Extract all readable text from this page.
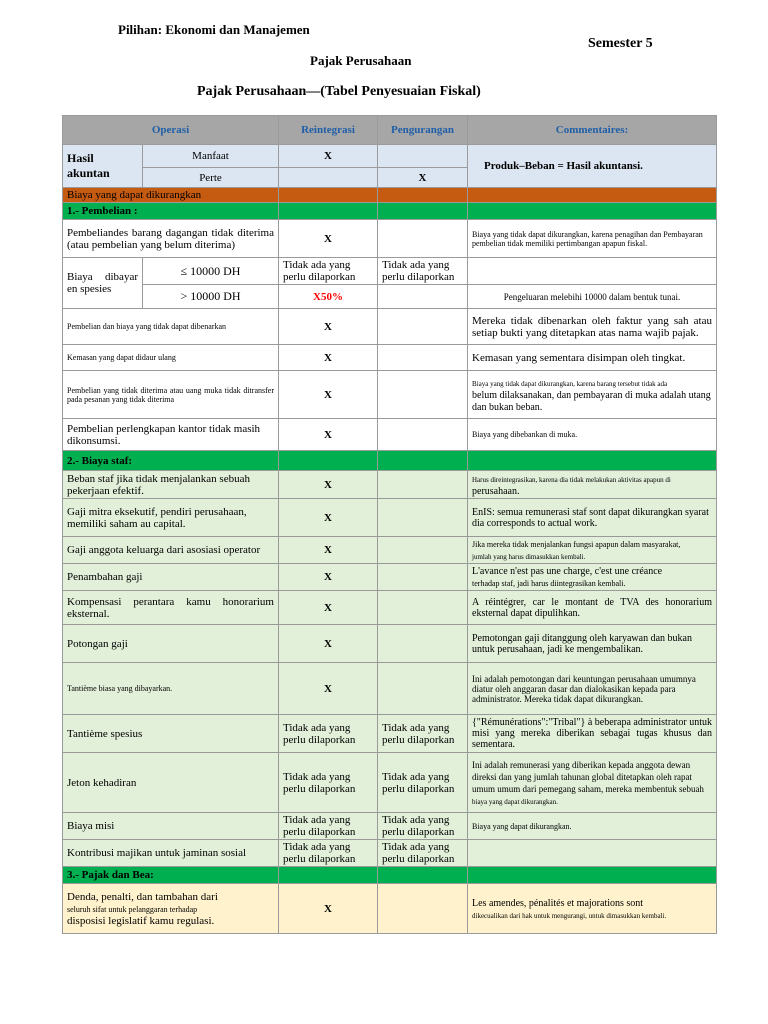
Pilihan: Ekonomi dan Manajemen
Semester 5
Pajak Perusahaan
Pajak Perusahaan—(Tabel Penyesuaian Fiskal)
Operasi		Reintegrasi	Pengurangan	Commentaires:
Hasil akuntan	Manfaat	X		Produk–Beban = Hasil akuntansi.
	Perte		X	
Biaya yang dapat dikurangkan				
1.- Pembelian :				
Pembeliandes barang dagangan tidak diterima (atau pembelian yang belum diterima)		X		Biaya yang tidak dapat dikurangkan, karena penagihan dan Pembayaran pembelian tidak memiliki pertimbangan apapun fiskal.
Biaya dibayar en spesies	≤ 10000 DH	Tidak ada yang perlu dilaporkan	Tidak ada yang perlu dilaporkan	
	> 10000 DH	X50%		Pengeluaran melebihi 10000 dalam bentuk tunai.
Pembelian dan biaya yang tidak dapat dibenarkan		X		Mereka tidak dibenarkan oleh faktur yang sah atau setiap bukti yang ditetapkan atas nama wajib pajak.
Kemasan yang dapat didaur ulang		X		Kemasan yang sementara disimpan oleh tingkat.
Pembelian yang tidak diterima atau uang muka tidak ditransfer pada pesanan yang tidak diterima		X		Biaya yang tidak dapat dikurangkan, karena barang tersebut tidak ada
belum dilaksanakan, dan pembayaran di muka adalah utang dan bukan beban.
Pembelian perlengkapan kantor tidak masih dikonsumsi.		X		Biaya yang dibebankan di muka.
2.- Biaya staf:				
Beban staf jika tidak menjalankan sebuah pekerjaan efektif.		X		Harus direintegrasikan, karena dia tidak melakukan aktivitas apapun di
perusahaan.
Gaji mitra eksekutif, pendiri perusahaan, memiliki saham au capital.		X		EnIS: semua remunerasi staf sont dapat dikurangkan syarat dia corresponds to actual work.
Gaji anggota keluarga dari asosiasi operator		X		Jika mereka tidak menjalankan fungsi apapun dalam masyarakat,
jumlah yang harus dimasukkan kembali.
Penambahan gaji		X		L'avance n'est pas une charge, c'est une créance
terhadap staf, jadi harus diintegrasikan kembali.
Kompensasi perantara kamu honorarium eksternal.		X		A réintégrer, car le montant de TVA des honorarium eksternal dapat dipulihkan.
Potongan gaji		X		Pemotongan gaji ditanggung oleh karyawan dan bukan untuk perusahaan, jadi ke mengembalikan.
Tantième biasa yang dibayarkan.		X		Ini adalah pemotongan dari keuntungan perusahaan umumnya diatur oleh anggaran dasar dan dialokasikan kepada para administrator. Mereka tidak dapat dikurangkan.
Tantième spesius		Tidak ada yang perlu dilaporkan	Tidak ada yang perlu dilaporkan	{"Rémunérations":"Tribal"} à beberapa administrator untuk misi yang mereka diberikan sebagai tugas khusus dan sementara.
Jeton kehadiran		Tidak ada yang perlu dilaporkan	Tidak ada yang perlu dilaporkan	Ini adalah remunerasi yang diberikan kepada anggota dewan direksi dan yang jumlah tahunan global ditetapkan oleh rapat umum umum dari pemegang saham, mereka membentuk sebuah
biaya yang dapat dikurangkan.
Biaya misi		Tidak ada yang perlu dilaporkan	Tidak ada yang perlu dilaporkan	Biaya yang dapat dikurangkan.
Kontribusi majikan untuk jaminan sosial		Tidak ada yang perlu dilaporkan	Tidak ada yang perlu dilaporkan	
3.- Pajak dan Bea:				
Denda, penalti, dan tambahan dari
seluruh sifat untuk pelanggaran terhadap
disposisi legislatif kamu regulasi.		X		Les amendes, pénalités et majorations sont
dikecualikan dari hak untuk mengurangi, untuk dimasukkan kembali.
